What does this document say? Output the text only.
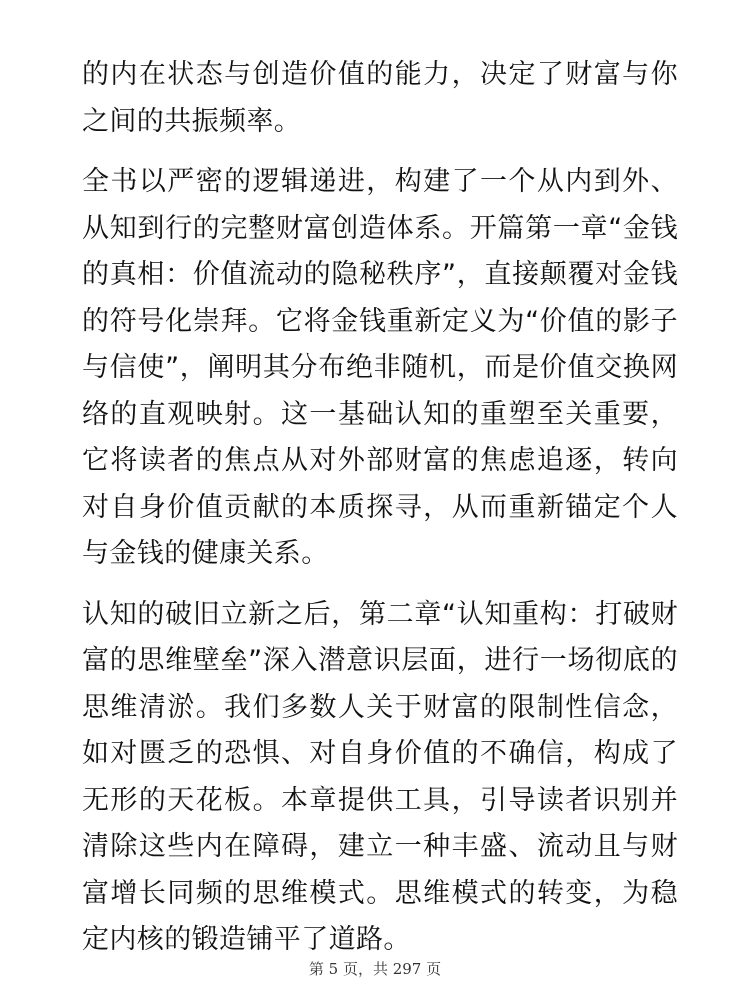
的内在状态与创造价值的能力，决定了财富与你之间的共振频率。

全书以严密的逻辑递进，构建了一个从内到外、从知到行的完整财富创造体系。开篇第一章“金钱的真相：价值流动的隐秘秩序”，直接颠覆对金钱的符号化崇拜。它将金钱重新定义为“价值的影子与信使”，阐明其分布绝非随机，而是价值交换网络的直观映射。这一基础认知的重塑至关重要，它将读者的焦点从对外部财富的焦虑追逐，转向对自身价值贡献的本质探寻，从而重新锚定个人与金钱的健康关系。

认知的破旧立新之后，第二章“认知重构：打破财富的思维壁垒”深入潜意识层面，进行一场彻底的思维清淤。我们多数人关于财富的限制性信念，如对匮乏的恐惧、对自身价值的不确信，构成了无形的天花板。本章提供工具，引导读者识别并清除这些内在障碍，建立一种丰盛、流动且与财富增长同频的思维模式。思维模式的转变，为稳定内核的锻造铺平了道路。

第 5 页，共 297 页
